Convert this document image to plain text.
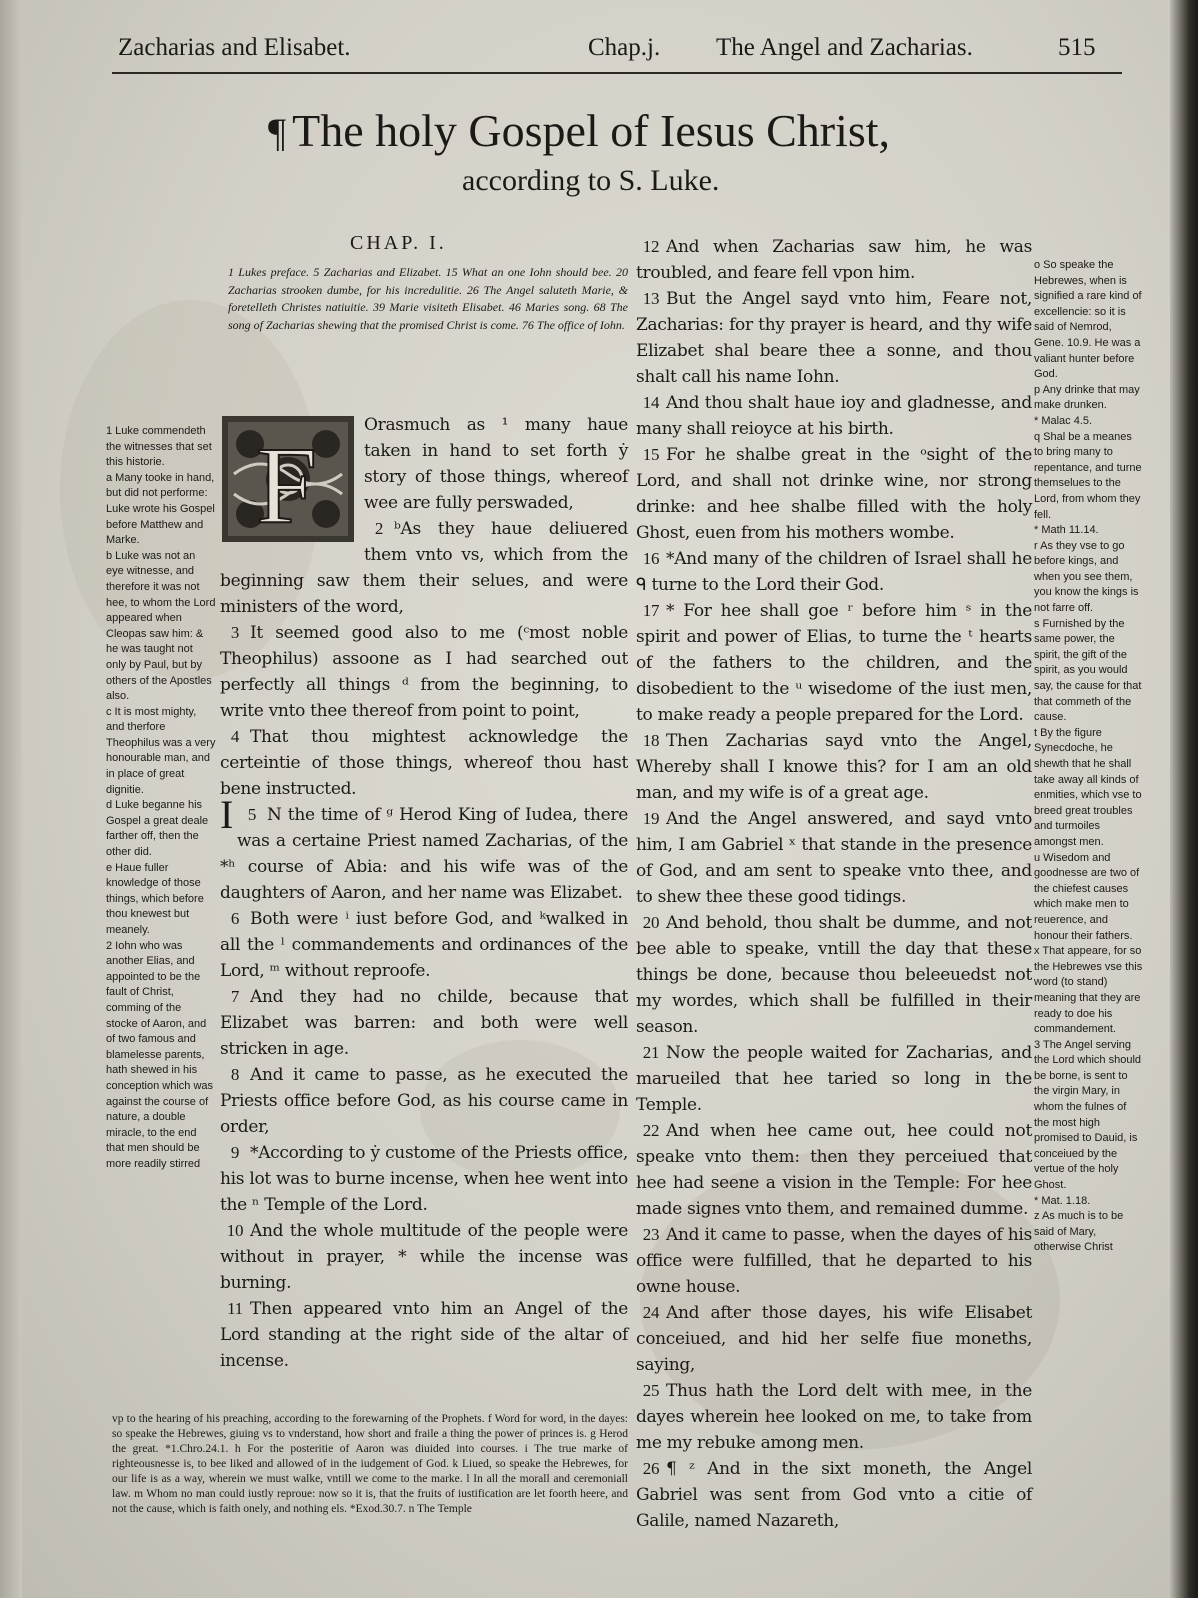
Zacharias and Elisabet.	Chap.j. The Angel and Zacharias.	515
¶ The holy Gospel of Iesus Christ,
according to S. Luke.
CHAP. I.
1 Lukes preface. 5 Zacharias and Elizabet. 15 What an one Iohn should bee. 20 Zacharias strooken dumbe, for his incredulitie. 26 The Angel saluteth Marie, & foretelleth Christes natiuitie. 39 Marie visiteth Elisabet. 46 Maries song. 68 The song of Zacharias shewing that the promised Christ is come. 76 The office of Iohn.
F	Orasmuch as ¹ many haue taken in hand to set forth ẏ story of those things, whereof wee are fully perswaded,

2 ᵇAs they haue deliuered them vnto vs, which from the beginning saw them their selues, and were ministers of the word,

3 It seemed good also to me (ᶜmost noble Theophilus) assoone as I had searched out perfectly all things ᵈ from the beginning, to write vnto thee thereof from point to point,

4 That thou mightest acknowledge the certeintie of those things, whereof thou hast bene instructed.

5
I N the time of ᵍ Herod King of Iudea, there was a certaine Priest named Zacharias, of the *ʰ course of Abia: and his wife was of the daughters of Aaron, and her name was Elizabet.

6 Both were ⁱ iust before God, and ᵏwalked in all the ˡ commandements and ordinances of the Lord, ᵐ without reproofe.

7 And they had no childe, because that Elizabet was barren: and both were well stricken in age.

8 And it came to passe, as he executed the Priests office before God, as his course came in order,

9 *According to ẏ custome of the Priests office, his lot was to burne incense, when hee went into the ⁿ Temple of the Lord.

10 And the whole multitude of the people were without in prayer, * while the incense was burning.

11 Then appeared vnto him an Angel of the Lord standing at the right side of the altar of incense.

12 And when Zacharias saw him, he was troubled, and feare fell vpon him.

13 But the Angel sayd vnto him, Feare not, Zacharias: for thy prayer is heard, and thy wife Elizabet shal beare thee a sonne, and thou shalt call his name Iohn.

14 And thou shalt haue ioy and gladnesse, and many shall reioyce at his birth.

15 For he shalbe great in the ᵒsight of the Lord, and shall not drinke wine, nor strong drinke: and hee shalbe filled with the holy Ghost, euen from his mothers wombe.

16 *And many of the children of Israel shall he ᑫ turne to the Lord their God.

17 * For hee shall goe ʳ before him ˢ in the spirit and power of Elias, to turne the ᵗ hearts of the fathers to the children, and the disobedient to the ᵘ wisedome of the iust men, to make ready a people prepared for the Lord.

18 Then Zacharias sayd vnto the Angel, Whereby shall I knowe this? for I am an old man, and my wife is of a great age.

19 And the Angel answered, and sayd vnto him, I am Gabriel ˣ that stande in the presence of God, and am sent to speake vnto thee, and to shew thee these good tidings.

20 And behold, thou shalt be dumme, and not bee able to speake, vntill the day that these things be done, because thou beleeuedst not my wordes, which shall be fulfilled in their season.

21 Now the people waited for Zacharias, and marueiled that hee taried so long in the Temple.

22 And when hee came out, hee could not speake vnto them: then they perceiued that hee had seene a vision in the Temple: For hee made signes vnto them, and remained dumme.

23 And it came to passe, when the dayes of his office were fulfilled, that he departed to his owne house.

24 And after those dayes, his wife Elisabet conceiued, and hid her selfe fiue moneths, saying,

25 Thus hath the Lord delt with mee, in the dayes wherein hee looked on me, to take from me my rebuke among men.

26 ¶ ᶻ And in the sixt moneth, the Angel Gabriel was sent from God vnto a citie of Galile, named Nazareth,

1 Luke commendeth the witnesses that set this historie.

a Many tooke in hand, but did not performe: Luke wrote his Gospel before Matthew and Marke.

b Luke was not an eye witnesse, and therefore it was not hee, to whom the Lord appeared when Cleopas saw him: & he was taught not only by Paul, but by others of the Apostles also.

c It is most mighty, and therfore Theophilus was a very honourable man, and in place of great dignitie.

d Luke beganne his Gospel a great deale farther off, then the other did.

e Haue fuller knowledge of those things, which before thou knewest but meanely.

2 Iohn who was another Elias, and appointed to be the fault of Christ, comming of the stocke of Aaron, and of two famous and blamelesse parents, hath shewed in his conception which was against the course of nature, a double miracle, to the end that men should be more readily stirred

o So speake the Hebrewes, when is signified a rare kind of excellencie: so it is said of Nemrod, Gene. 10.9. He was a valiant hunter before God.

p Any drinke that may make drunken.

* Malac 4.5.

q Shal be a meanes to bring many to repentance, and turne themselues to the Lord, from whom they fell.

* Math 11.14.

r As they vse to go before kings, and when you see them, you know the kings is not farre off.

s Furnished by the same power, the spirit, the gift of the spirit, as you would say, the cause for that that commeth of the cause.

t By the figure Synecdoche, he shewth that he shall take away all kinds of enmities, which vse to breed great troubles and turmoiles amongst men.

u Wisedom and goodnesse are two of the chiefest causes which make men to reuerence, and honour their fathers.

x That appeare, for so the Hebrewes vse this word (to stand) meaning that they are ready to doe his commandement.

3 The Angel serving the Lord which should be borne, is sent to the virgin Mary, in whom the fulnes of the most high promised to Dauid, is conceiued by the vertue of the holy Ghost.

* Mat. 1.18.

z As much is to be said of Mary, otherwise Christ

vp to the hearing of his preaching, according to the forewarning of the Prophets. f Word for word, in the dayes: so speake the Hebrewes, giuing vs to vnderstand, how short and fraile a thing the power of princes is. g Herod the great. *1.Chro.24.1. h For the posteritie of Aaron was diuided into courses. i The true marke of righteousnesse is, to bee liked and allowed of in the iudgement of God. k Liued, so speake the Hebrewes, for our life is as a way, wherein we must walke, vntill we come to the marke. l In all the morall and ceremoniall law. m Whom no man could iustly reproue: now so it is, that the fruits of iustification are let foorth heere, and not the cause, which is faith onely, and nothing els. *Exod.30.7. n The Temple
